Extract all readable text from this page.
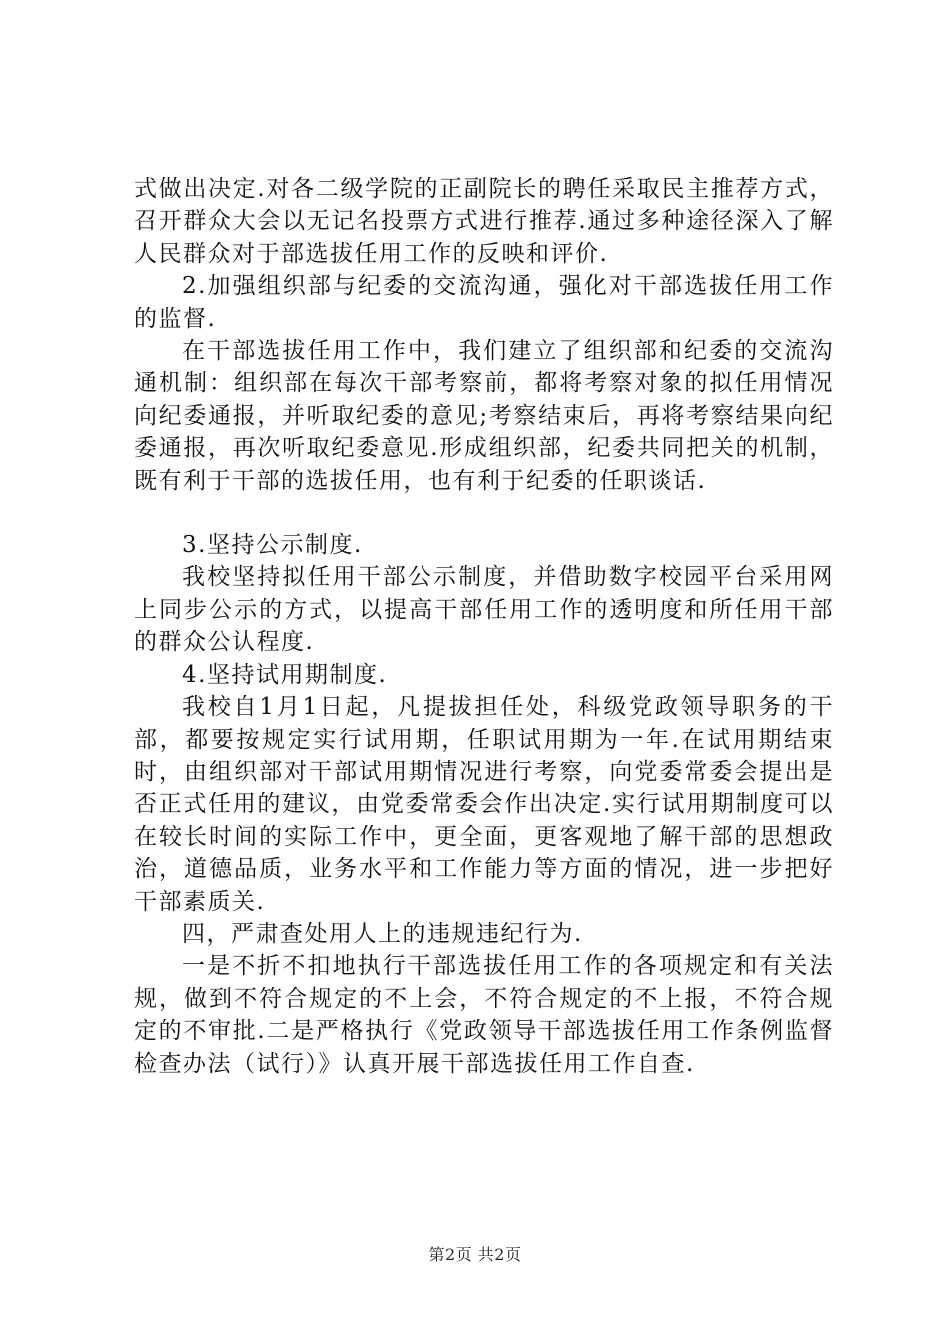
式做出决定.对各二级学院的正副院长的聘任采取民主推荐方式，召开群众大会以无记名投票方式进行推荐.通过多种途径深入了解人民群众对于部选拔任用工作的反映和评价.

2.加强组织部与纪委的交流沟通，强化对干部选拔任用工作的监督.

在干部选拔任用工作中，我们建立了组织部和纪委的交流沟通机制：组织部在每次干部考察前，都将考察对象的拟任用情况向纪委通报，并听取纪委的意见;考察结束后，再将考察结果向纪委通报，再次听取纪委意见.形成组织部，纪委共同把关的机制，既有利于干部的选拔任用，也有利于纪委的任职谈话.

3.坚持公示制度.

我校坚持拟任用干部公示制度，并借助数字校园平台采用网上同步公示的方式，以提高干部任用工作的透明度和所任用干部的群众公认程度.

4.坚持试用期制度.

我校自1月1日起，凡提拔担任处，科级党政领导职务的干部，都要按规定实行试用期，任职试用期为一年.在试用期结束时，由组织部对干部试用期情况进行考察，向党委常委会提出是否正式任用的建议，由党委常委会作出决定.实行试用期制度可以在较长时间的实际工作中，更全面，更客观地了解干部的思想政治，道德品质，业务水平和工作能力等方面的情况，进一步把好干部素质关.

四，严肃查处用人上的违规违纪行为.

一是不折不扣地执行干部选拔任用工作的各项规定和有关法规，做到不符合规定的不上会，不符合规定的不上报，不符合规定的不审批.二是严格执行《党政领导干部选拔任用工作条例监督检查办法（试行）》认真开展干部选拔任用工作自查.

第2页 共2页
